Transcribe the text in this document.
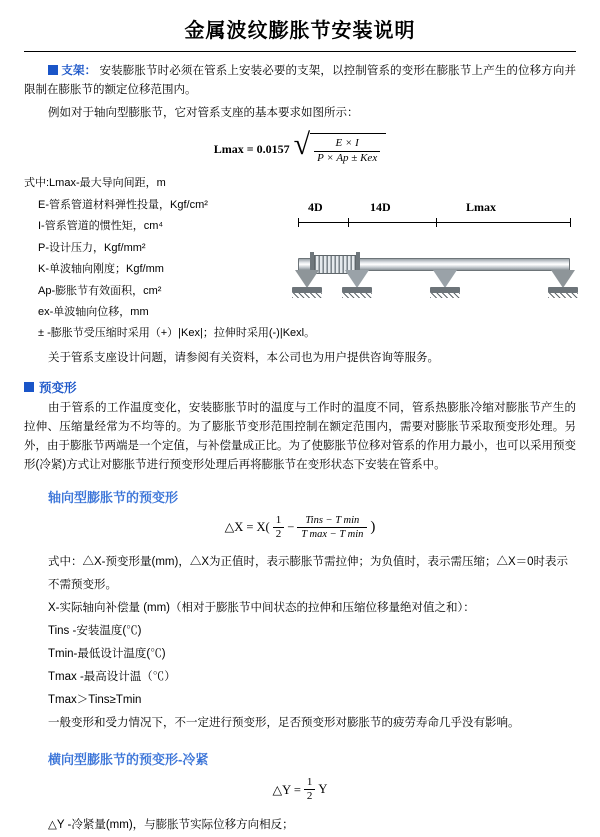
金属波纹膨胀节安装说明
支架： 安装膨胀节时必须在管系上安装必要的支架，以控制管系的变形在膨胀节上产生的位移方向并限制在膨胀节的额定位移范围内。
例如对于轴向型膨胀节，它对管系支座的基本要求如图所示：
Lmax = 0.0157 √ $\frac{E \times I}{\text{P × Ap ± Kex}}$
式中:Lmax-最大导向间距，m
E-管系管道材料弹性投量，Kgf/cm²
I-管系管道的惯性矩，cm⁴
P-设计压力，Kgf/mm²
K-单波轴向刚度；Kgf/mm
Ap-膨胀节有效面积，cm²
ex-单波轴向位移，mm
± -膨胀节受压缩时采用（+）|Kex|；拉伸时采用(-)|Kexl。
4D	14D	Lmax
关于管系支座设计问题，请参阅有关资料，本公司也为用户提供咨询等服务。
预变形
由于管系的工作温度变化，安装膨胀节时的温度与工作时的温度不同，管系热膨胀冷缩对膨胀节产生的拉伸、压缩量经常为不均等的。为了膨胀节变形范围控制在额定范围内，需要对膨胀节采取预变形处理。另外，由于膨胀节两端是一个定值，与补偿量成正比。为了使膨胀节位移对管系的作用力最小，也可以采用预变形(冷紧)方式让对膨胀节进行预变形处理后再将膨胀节在变形状态下安装在管系中。
轴向型膨胀节的预变形
△X = $X( \frac{1}{2} - \frac{\text{Tins − T min}}{\text{T max − T min}}$ )
式中：△X-预变形量(mm)，△X为正值时，表示膨胀节需拉伸；为负值时，表示需压缩；△X＝0时表示不需预变形。
X-实际轴向补偿量 (mm)（相对于膨胀节中间状态的拉伸和压缩位移量绝对值之和）：
Tins -安装温度(℃)
Tmin-最低设计温度(℃)
Tmax -最高设计温（℃）
Tmax＞Tins≥Tmin
一般变形和受力情况下，不一定进行预变形，足否预变形对膨胀节的疲劳寿命几乎没有影响。
横向型膨胀节的预变形-冷紧
△Y = $\frac{1}{2}$ Y
△Y -冷紧量(mm)，与膨胀节实际位移方向相反；
